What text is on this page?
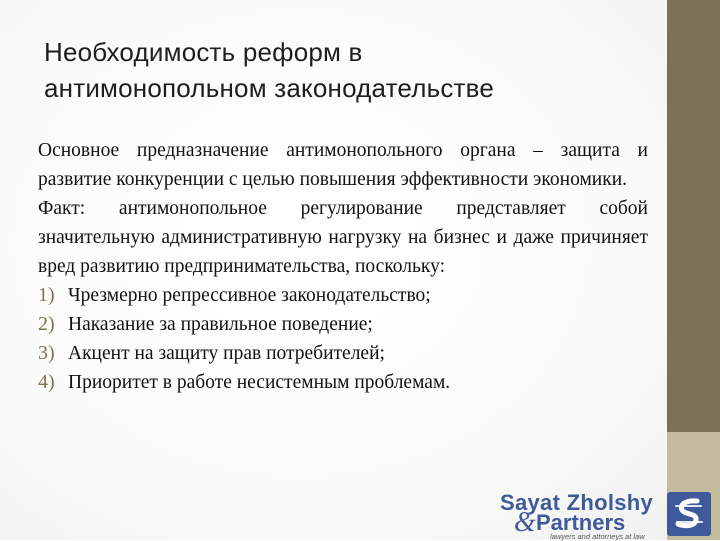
Необходимость реформ в
антимонопольном законодательстве

Основное предназначение антимонопольного органа – защита и развитие конкуренции с целью повышения эффективности экономики.

Факт: антимонопольное регулирование представляет собой значительную административную нагрузку на бизнес и даже причиняет вред развитию предпринимательства, поскольку:

1) Чрезмерно репрессивное законодательство;
2) Наказание за правильное поведение;
3) Акцент на защиту прав потребителей;
4) Приоритет в работе несистемным проблемам.
Sayat Zholshy
& Partners
lawyers and attorneys at law
